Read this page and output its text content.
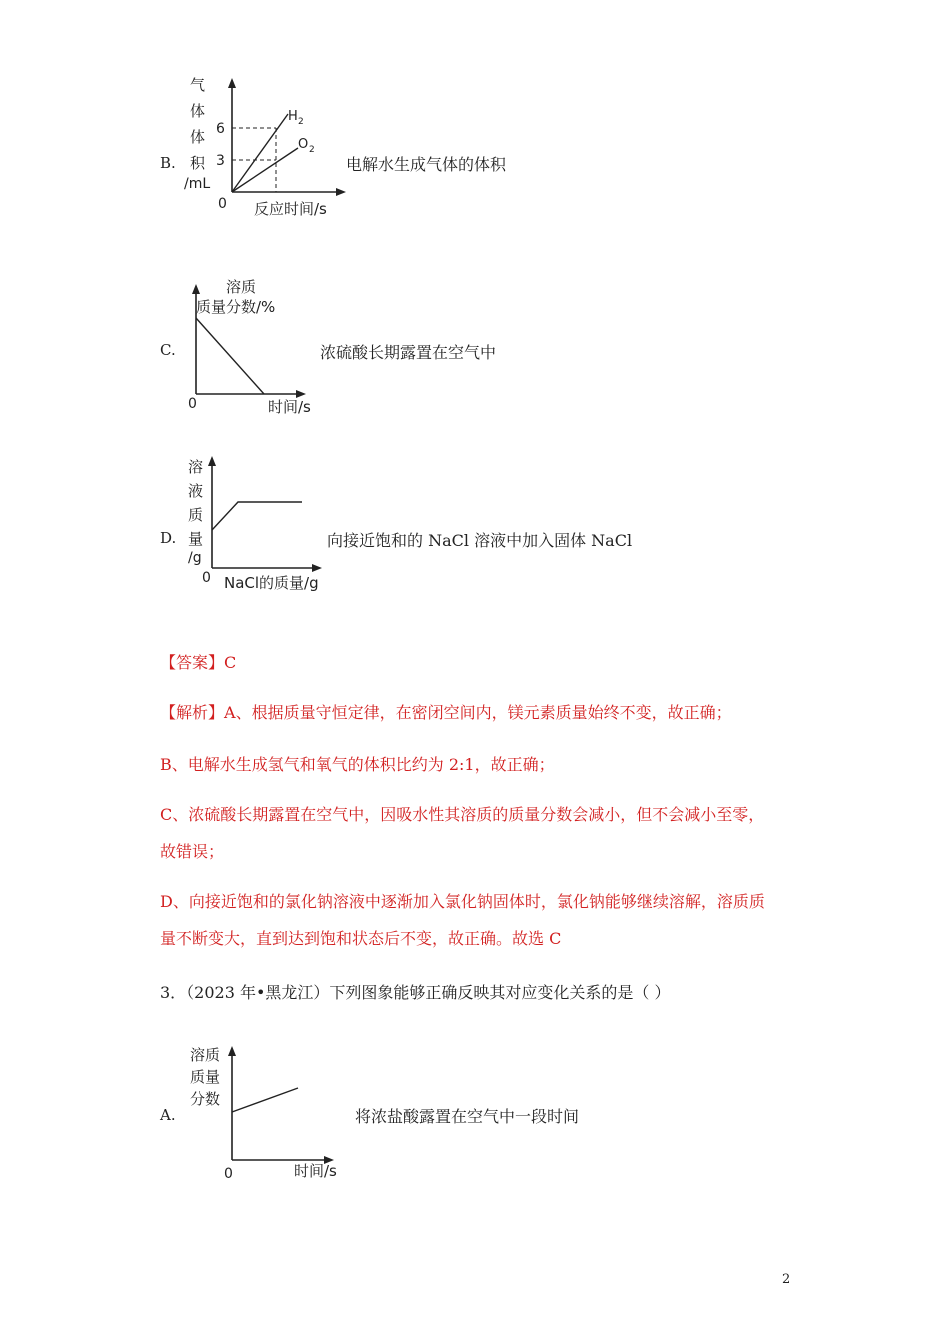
B.
气
体
体
积
/mL
6
3
0 反应时间/s
H 2
O 2
电解水生成气体的体积
C.
溶质
质量分数/%
0	时间/s
浓硫酸长期露置在空气中
D.
溶
液
质
量
/g
0 NaCl的质量/g
向接近饱和的 NaCl 溶液中加入固体 NaCl
【答案】C
【解析】A、根据质量守恒定律，在密闭空间内，镁元素质量始终不变，故正确；
B、电解水生成氢气和氧气的体积比约为 2:1，故正确；
C、浓硫酸长期露置在空气中，因吸水性其溶质的质量分数会减小，但不会减小至零，
故错误；
D、向接近饱和的氯化钠溶液中逐渐加入氯化钠固体时，氯化钠能够继续溶解，溶质质
量不断变大，直到达到饱和状态后不变，故正确。故选 C
3．（2023 年•黑龙江）下列图象能够正确反映其对应变化关系的是（ ）
A.
溶质
质量
分数
0	时间/s
将浓盐酸露置在空气中一段时间
2
